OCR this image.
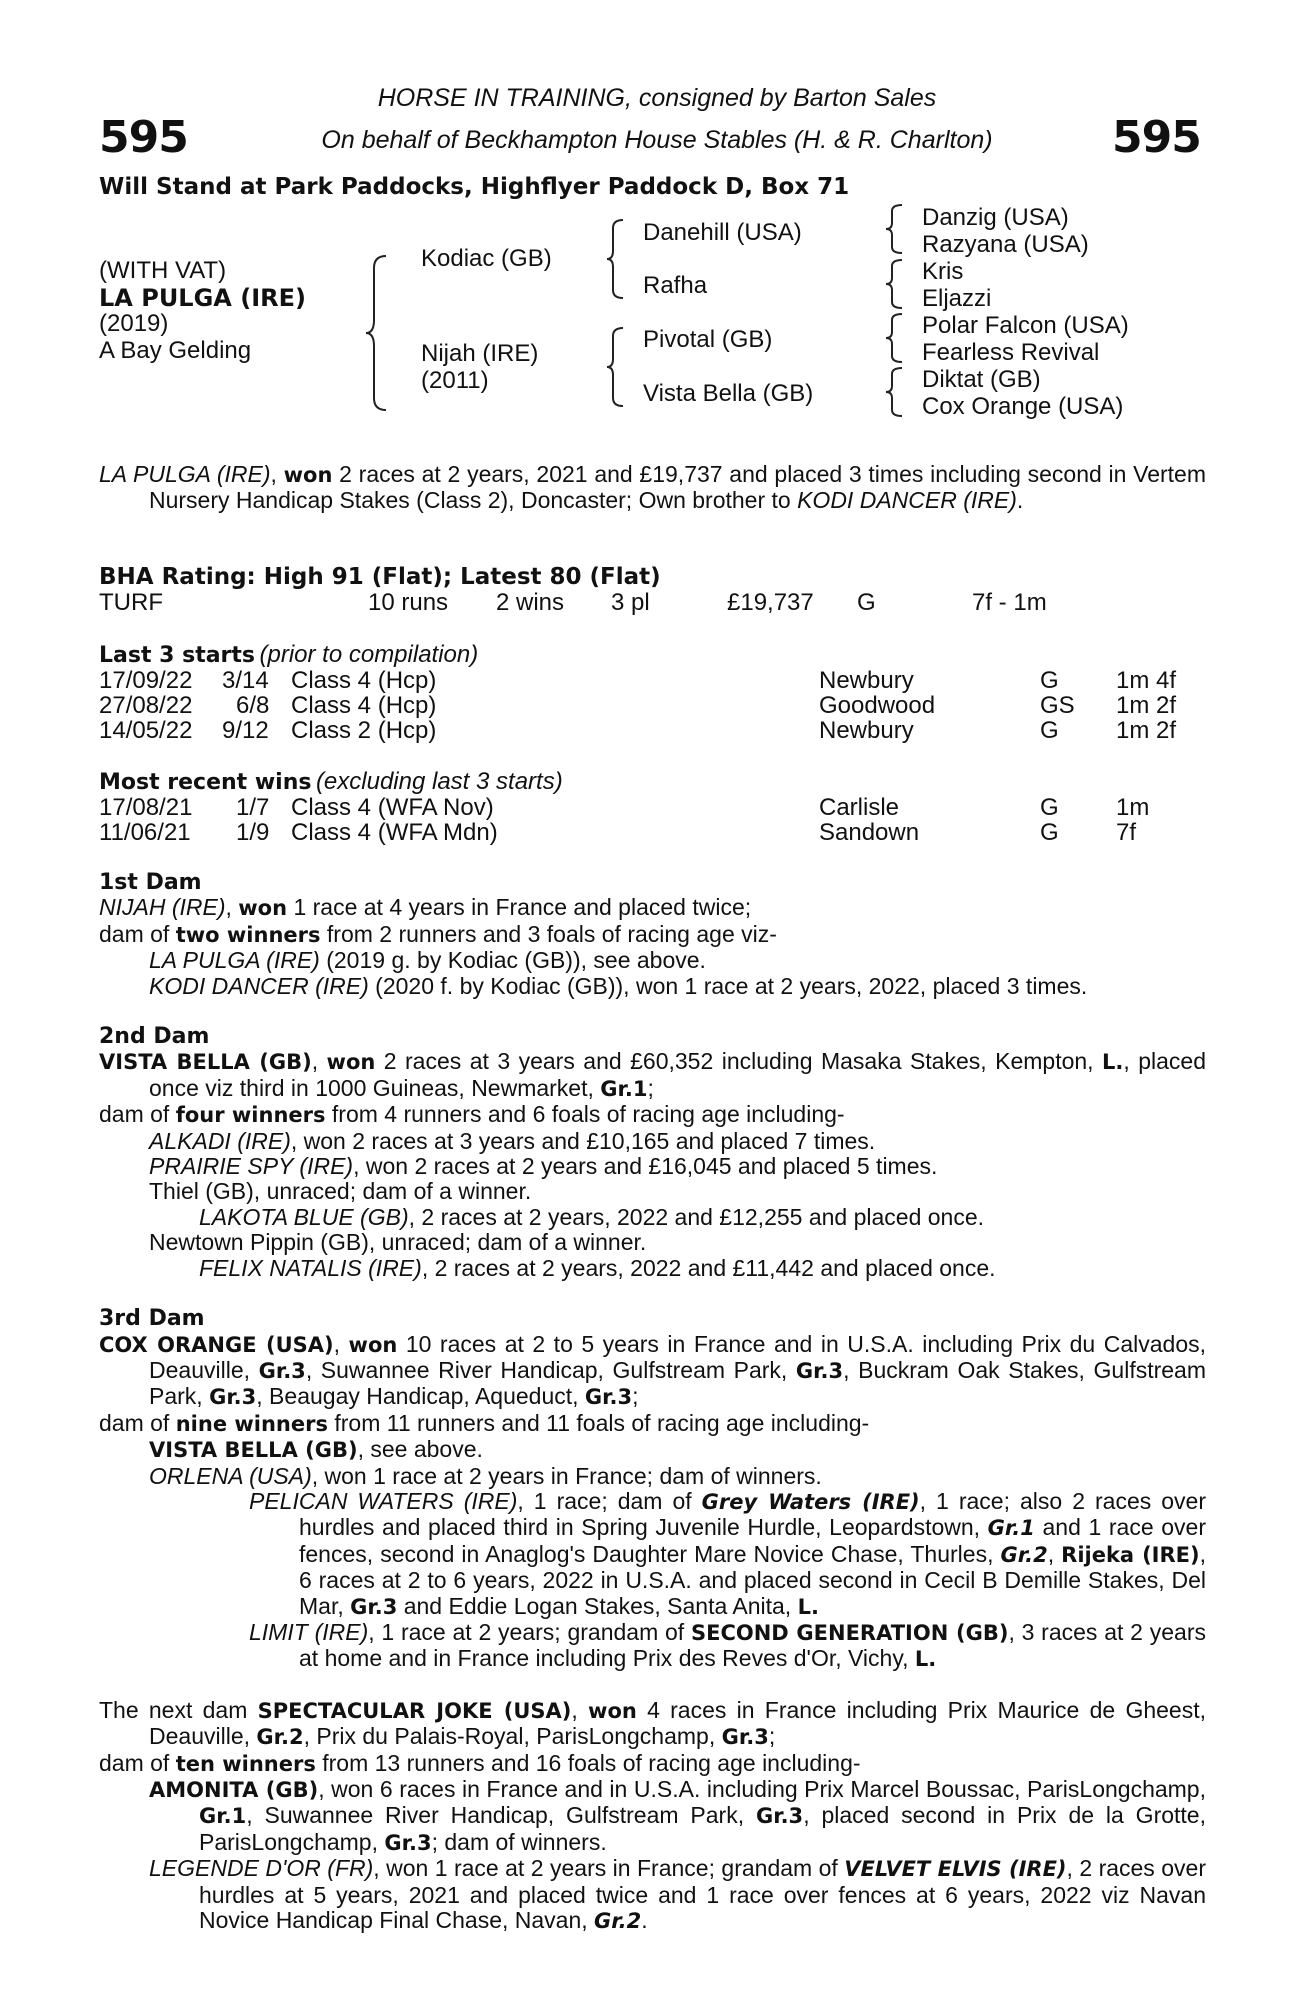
595	595
HORSE IN TRAINING, consigned by Barton Sales
On behalf of Beckhampton House Stables (H. & R. Charlton)
Will Stand at Park Paddocks, Highflyer Paddock D, Box 71
(WITH VAT)
LA PULGA (IRE)
(2019)
A Bay Gelding
Kodiac (GB)
Nijah (IRE)
(2011)
Danehill (USA)
Rafha
Pivotal (GB)
Vista Bella (GB)
Danzig (USA)
Razyana (USA)
Kris
Eljazzi
Polar Falcon (USA)
Fearless Revival
Diktat (GB)
Cox Orange (USA)

LA PULGA (IRE), won 2 races at 2 years, 2021 and £19,737 and placed 3 times including second in Vertem Nursery Handicap Stakes (Class 2), Doncaster; Own brother to KODI DANCER (IRE).

BHA Rating: High 91 (Flat); Latest 80 (Flat)
TURF	10 runs 2 wins 3 pl	£19,737 G	7f - 1m
Last 3 starts (prior to compilation)
17/09/22 3/14 Class 4 (Hcp)	Newbury	G 1m 4f
27/08/22 6/8 Class 4 (Hcp)	Goodwood	GS 1m 2f
14/05/22 9/12 Class 2 (Hcp)	Newbury	G 1m 2f
Most recent wins (excluding last 3 starts)
17/08/21 1/7 Class 4 (WFA Nov)	Carlisle	G 1m
11/06/21 1/9 Class 4 (WFA Mdn)	Sandown	G 7f

1st Dam

NIJAH (IRE), won 1 race at 4 years in France and placed twice;

dam of two winners from 2 runners and 3 foals of racing age viz-

LA PULGA (IRE) (2019 g. by Kodiac (GB)), see above.

KODI DANCER (IRE) (2020 f. by Kodiac (GB)), won 1 race at 2 years, 2022, placed 3 times.

2nd Dam

VISTA BELLA (GB), won 2 races at 3 years and £60,352 including Masaka Stakes, Kempton, L., placed once viz third in 1000 Guineas, Newmarket, Gr.1;

dam of four winners from 4 runners and 6 foals of racing age including-

ALKADI (IRE), won 2 races at 3 years and £10,165 and placed 7 times.

PRAIRIE SPY (IRE), won 2 races at 2 years and £16,045 and placed 5 times.

Thiel (GB), unraced; dam of a winner.

LAKOTA BLUE (GB), 2 races at 2 years, 2022 and £12,255 and placed once.

Newtown Pippin (GB), unraced; dam of a winner.

FELIX NATALIS (IRE), 2 races at 2 years, 2022 and £11,442 and placed once.

3rd Dam

COX ORANGE (USA), won 10 races at 2 to 5 years in France and in U.S.A. including Prix du Calvados, Deauville, Gr.3, Suwannee River Handicap, Gulfstream Park, Gr.3, Buckram Oak Stakes, Gulfstream Park, Gr.3, Beaugay Handicap, Aqueduct, Gr.3;

dam of nine winners from 11 runners and 11 foals of racing age including-

VISTA BELLA (GB), see above.

ORLENA (USA), won 1 race at 2 years in France; dam of winners.

PELICAN WATERS (IRE), 1 race; dam of Grey Waters (IRE), 1 race; also 2 races over hurdles and placed third in Spring Juvenile Hurdle, Leopardstown, Gr.1 and 1 race over fences, second in Anaglog's Daughter Mare Novice Chase, Thurles, Gr.2, Rijeka (IRE), 6 races at 2 to 6 years, 2022 in U.S.A. and placed second in Cecil B Demille Stakes, Del Mar, Gr.3 and Eddie Logan Stakes, Santa Anita, L.

LIMIT (IRE), 1 race at 2 years; grandam of SECOND GENERATION (GB), 3 races at 2 years at home and in France including Prix des Reves d'Or, Vichy, L.

The next dam SPECTACULAR JOKE (USA), won 4 races in France including Prix Maurice de Gheest, Deauville, Gr.2, Prix du Palais-Royal, ParisLongchamp, Gr.3;

dam of ten winners from 13 runners and 16 foals of racing age including-

AMONITA (GB), won 6 races in France and in U.S.A. including Prix Marcel Boussac, ParisLongchamp, Gr.1, Suwannee River Handicap, Gulfstream Park, Gr.3, placed second in Prix de la Grotte, ParisLongchamp, Gr.3; dam of winners.

LEGENDE D'OR (FR), won 1 race at 2 years in France; grandam of VELVET ELVIS (IRE), 2 races over hurdles at 5 years, 2021 and placed twice and 1 race over fences at 6 years, 2022 viz Navan Novice Handicap Final Chase, Navan, Gr.2.
